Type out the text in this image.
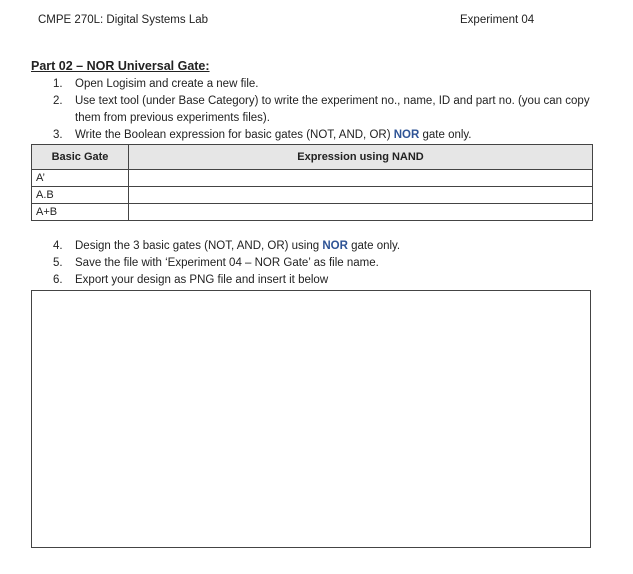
CMPE 270L: Digital Systems Lab	Experiment 04
Part 02 – NOR Universal Gate:
1. Open Logisim and create a new file.
2. Use text tool (under Base Category) to write the experiment no., name, ID and part no. (you can copy them from previous experiments files).
3. Write the Boolean expression for basic gates (NOT, AND, OR) NOR gate only.
Basic Gate	Expression using NAND
A’	
A.B	
A+B	
4. Design the 3 basic gates (NOT, AND, OR) using NOR gate only.
5. Save the file with ‘Experiment 04 – NOR Gate’ as file name.
6. Export your design as PNG file and insert it below
